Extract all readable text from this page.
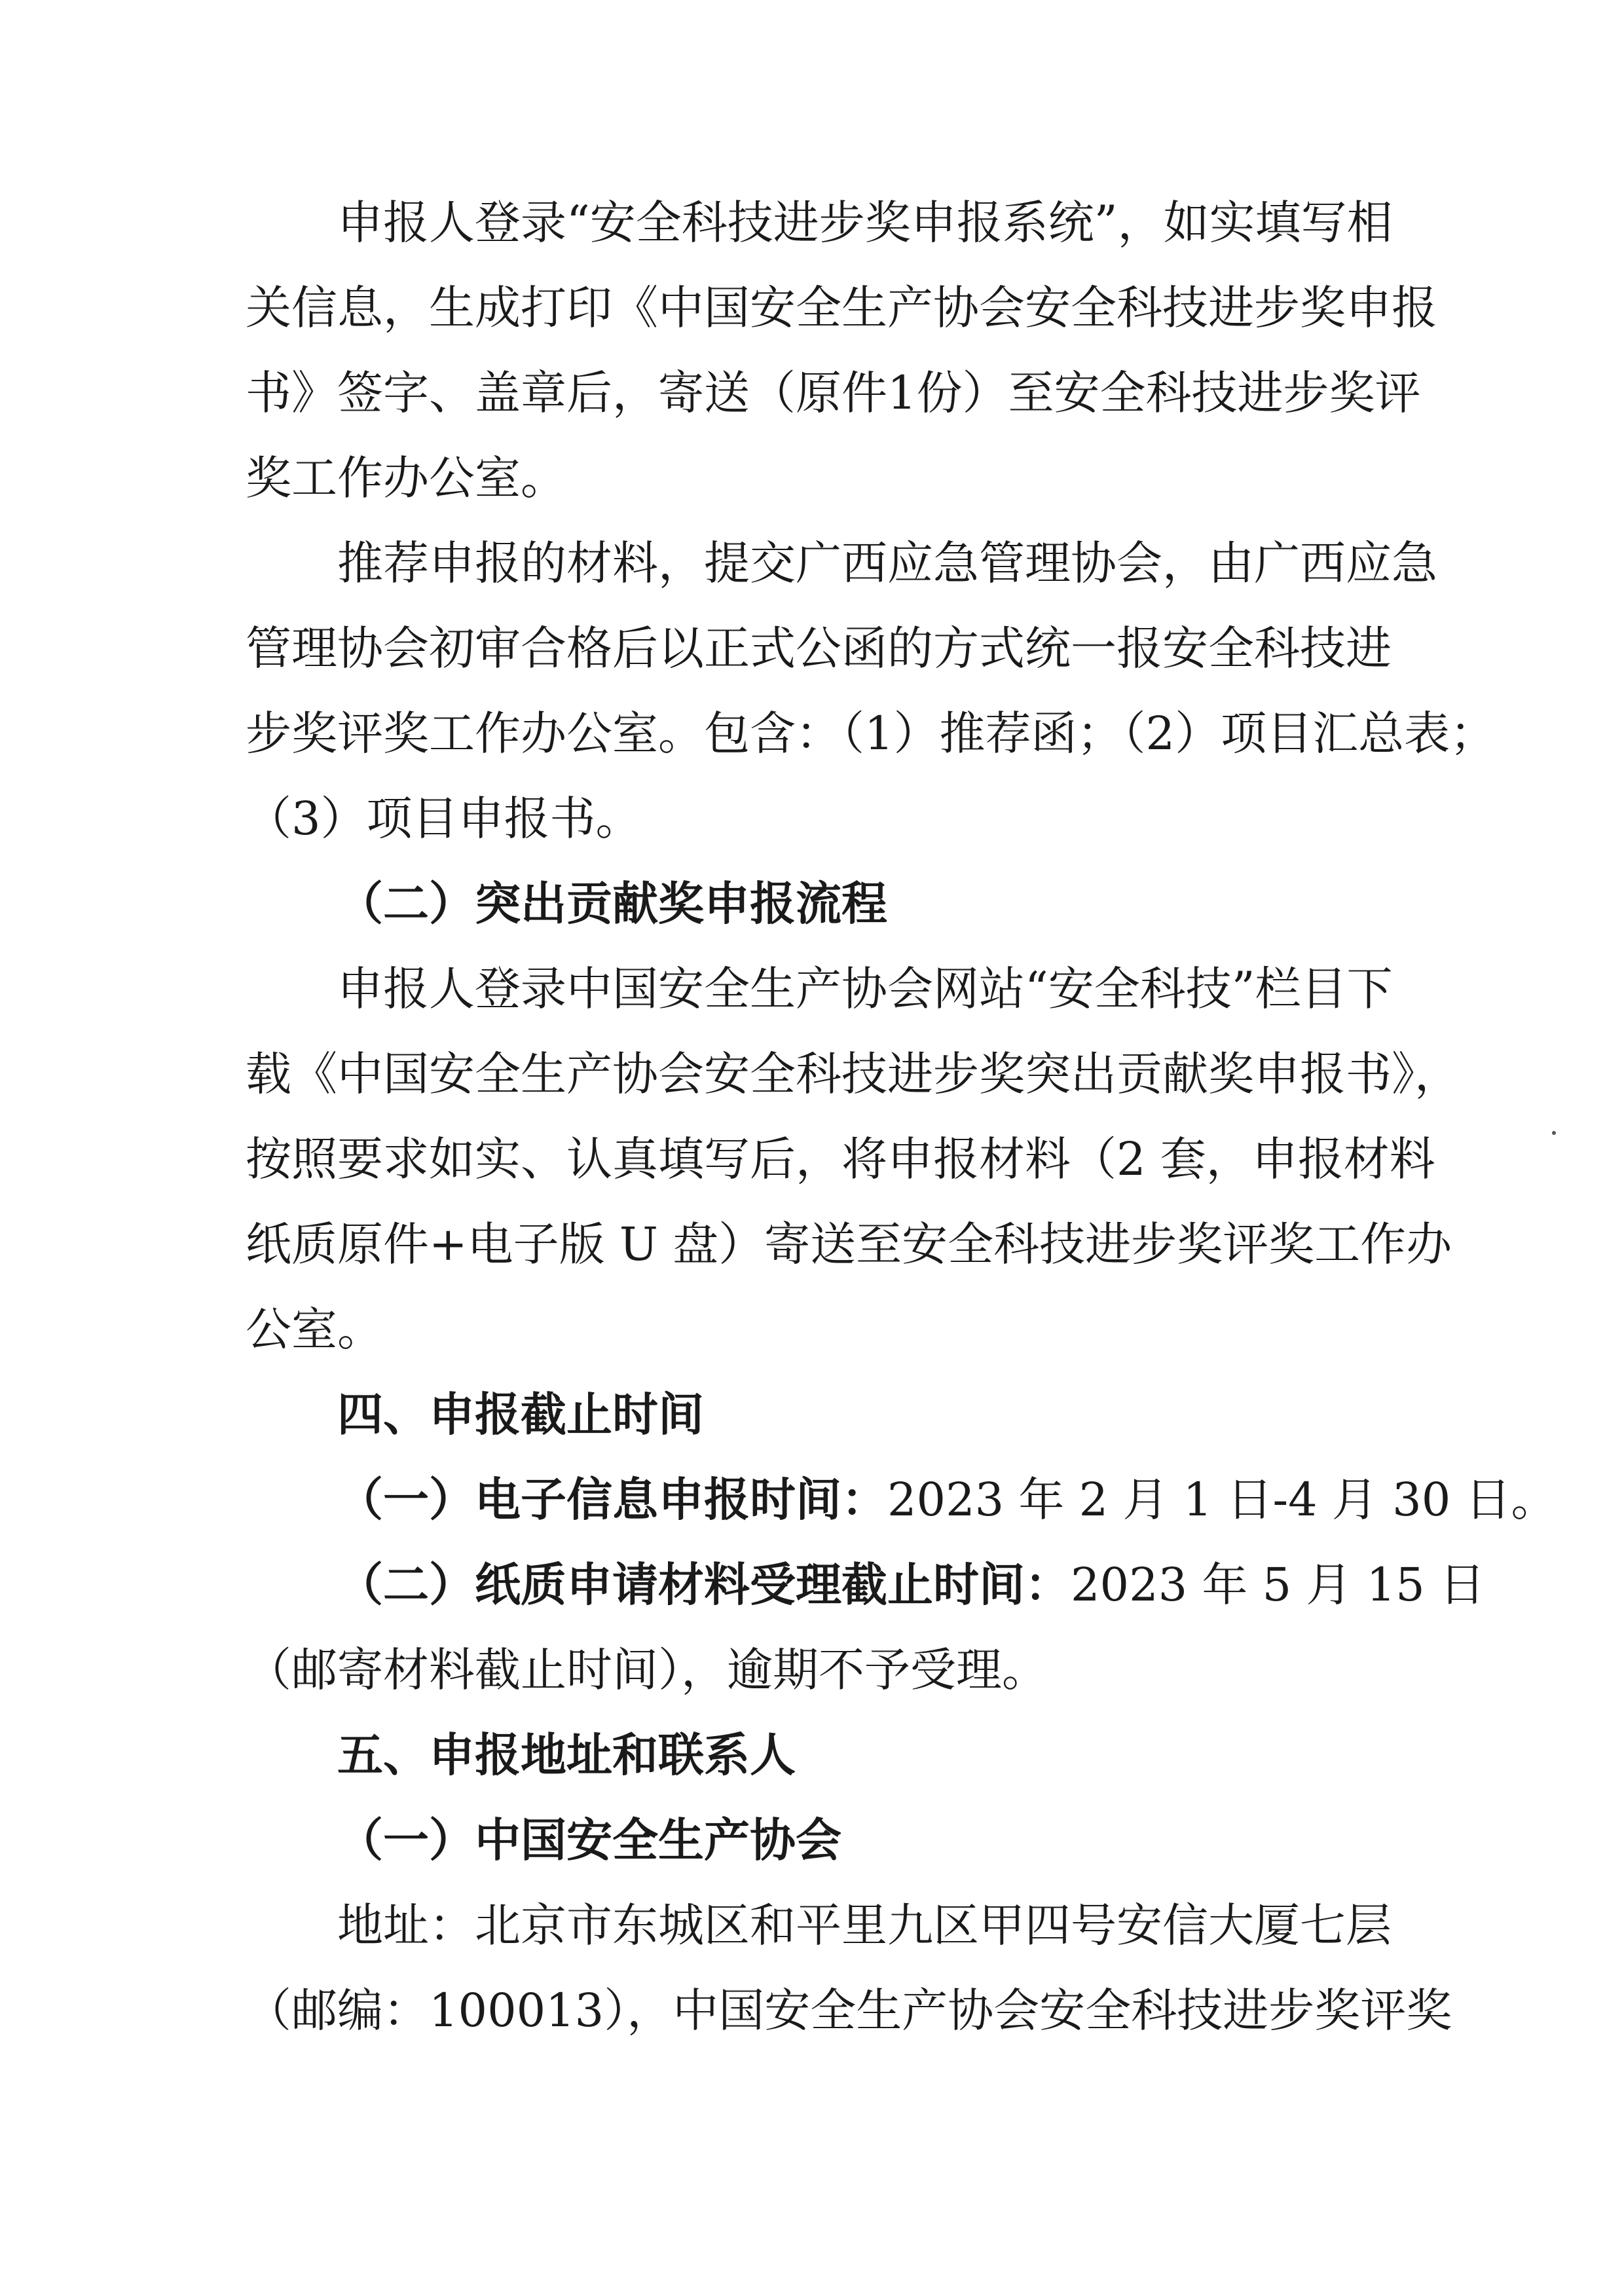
申报人登录“安全科技进步奖申报系统”，如实填写相
关信息，生成打印《中国安全生产协会安全科技进步奖申报
书》签字、盖章后，寄送（原件1份）至安全科技进步奖评
奖工作办公室。
推荐申报的材料，提交广西应急管理协会，由广西应急
管理协会初审合格后以正式公函的方式统一报安全科技进
步奖评奖工作办公室。包含：（1）推荐函；（2）项目汇总表；
（3）项目申报书。
（二）突出贡献奖申报流程
申报人登录中国安全生产协会网站“安全科技”栏目下
载《中国安全生产协会安全科技进步奖突出贡献奖申报书》，
按照要求如实、认真填写后，将申报材料（2 套，申报材料
纸质原件+电子版 U 盘）寄送至安全科技进步奖评奖工作办
公室。
四、申报截止时间
（一）电子信息申报时间：2023 年 2 月 1 日-4 月 30 日。
（二）纸质申请材料受理截止时间：2023 年 5 月 15 日
（邮寄材料截止时间），逾期不予受理。
五、申报地址和联系人
（一）中国安全生产协会
地址：北京市东城区和平里九区甲四号安信大厦七层
（邮编：100013），中国安全生产协会安全科技进步奖评奖
